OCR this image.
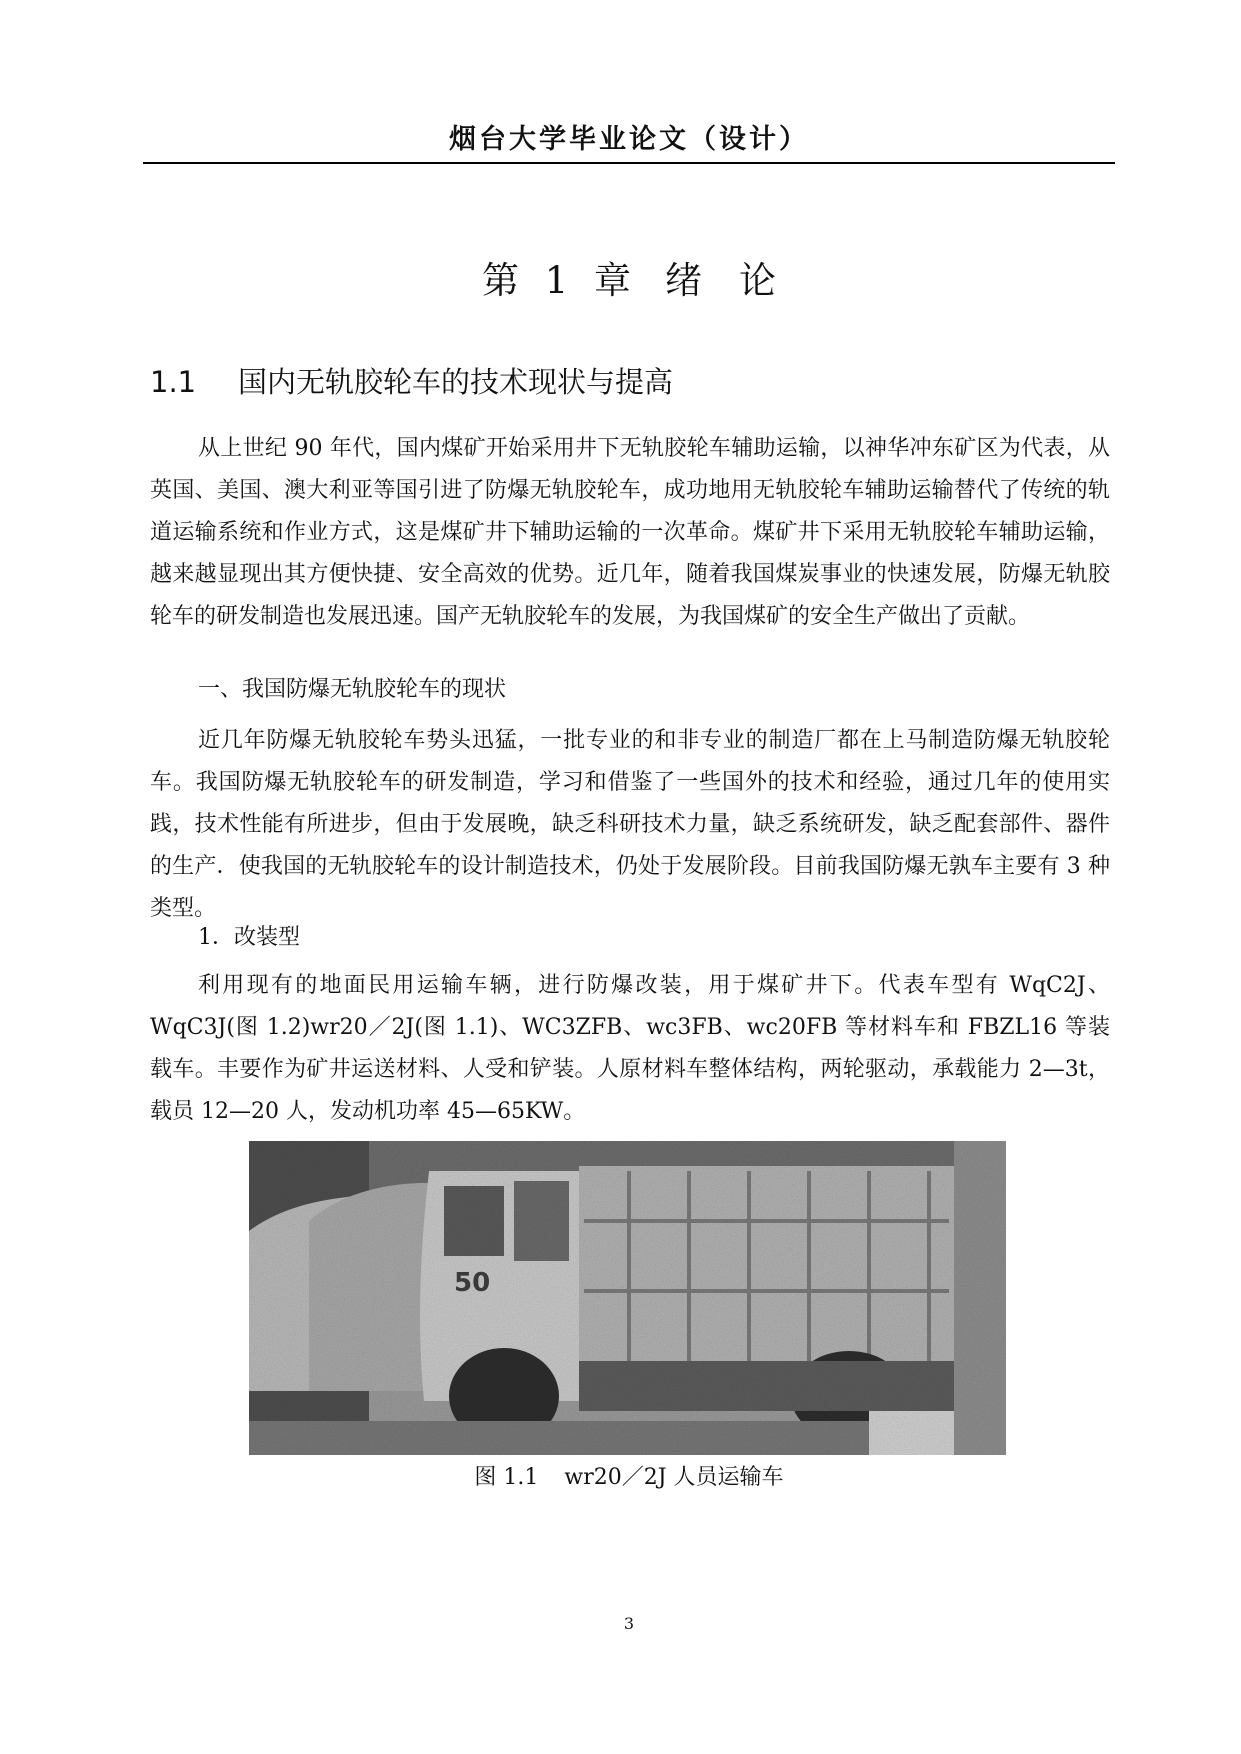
烟台大学毕业论文（设计）
第 1 章 绪　论
1.1 国内无轨胶轮车的技术现状与提高

从上世纪 90 年代，国内煤矿开始采用井下无轨胶轮车辅助运输，以神华冲东矿区为代表，从英国、美国、澳大利亚等国引进了防爆无轨胶轮车，成功地用无轨胶轮车辅助运输替代了传统的轨道运输系统和作业方式，这是煤矿井下辅助运输的一次革命。煤矿井下采用无轨胶轮车辅助运输，越来越显现出其方便快捷、安全高效的优势。近几年，随着我国煤炭事业的快速发展，防爆无轨胶轮车的研发制造也发展迅速。国产无轨胶轮车的发展，为我国煤矿的安全生产做出了贡献。

一、我国防爆无轨胶轮车的现状

近几年防爆无轨胶轮车势头迅猛，一批专业的和非专业的制造厂都在上马制造防爆无轨胶轮车。我国防爆无轨胶轮车的研发制造，学习和借鉴了一些国外的技术和经验，通过几年的使用实践，技术性能有所进步，但由于发展晚，缺乏科研技术力量，缺乏系统研发，缺乏配套部件、器件的生产．使我国的无轨胶轮车的设计制造技术，仍处于发展阶段。目前我国防爆无孰车主要有 3 种类型。

1．改装型

利用现有的地面民用运输车辆，进行防爆改装，用于煤矿井下。代表车型有 WqC2J、WqC3J(图 1.2)wr20／2J(图 1.1)、WC3ZFB、wc3FB、wc20FB 等材料车和 FBZL16 等装载车。丰要作为矿井运送材料、人受和铲装。人原材料车整体结构，两轮驱动，承载能力 2—3t，载员 12—20 人，发动机功率 45—65KW。

50
图 1.1 wr20／2J 人员运输车
3
